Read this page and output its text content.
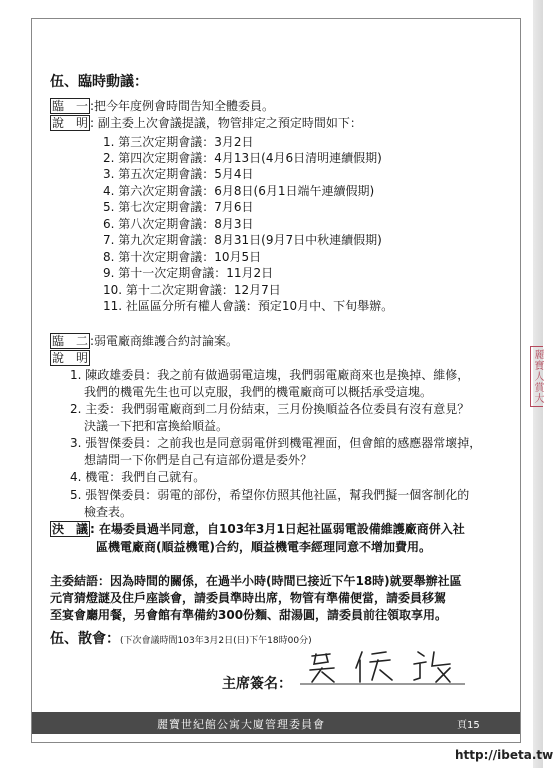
麗寶人賞大
伍、臨時動議：
臨　一 :把今年度例會時間告知全體委員。
說　明 : 副主委上次會議提議，物管排定之預定時間如下：
1. 第三次定期會議：3月2日
2. 第四次定期會議：4月13日(4月6日清明連續假期)
3. 第五次定期會議：5月4日
4. 第六次定期會議：6月8日(6月1日端午連續假期)
5. 第七次定期會議：7月6日
6. 第八次定期會議：8月3日
7. 第九次定期會議：8月31日(9月7日中秋連續假期)
8. 第十次定期會議：10月5日
9. 第十一次定期會議：11月2日
10. 第十二次定期會議：12月7日
11. 社區區分所有權人會議：預定10月中、下旬舉辦。
臨　二 :弱電廠商維護合約討論案。
說　明
1. 陳政雄委員：我之前有做過弱電這塊，我們弱電廠商來也是換掉、維修，
我們的機電先生也可以克服，我們的機電廠商可以概括承受這塊。
2. 主委：我們弱電廠商到二月份結束，三月份換順益各位委員有沒有意見？
決議一下把和富換給順益。
3. 張智傑委員：之前我也是同意弱電併到機電裡面，但會館的感應器常壞掉，
想請問一下你們是自己有這部份還是委外？
4. 機電：我們自己就有。
5. 張智傑委員：弱電的部份，希望你仿照其他社區，幫我們擬一個客制化的
檢查表。
決　議 : 在場委員過半同意，自103年3月1日起社區弱電設備維護廠商併入社
區機電廠商(順益機電)合約，順益機電李經理同意不增加費用。
主委結語：因為時間的關係，在過半小時(時間已接近下午18時)就要舉辦社區
元宵猜燈謎及住戶座談會，請委員準時出席，物管有準備便當，請委員移駕
至宴會廳用餐，另會館有準備約300份麵、甜湯圓，請委員前往領取享用。
伍、散會：(下次會議時間103年3月2日(日)下午18時00分)
主席簽名：
麗寶世紀館公寓大廈管理委員會	頁15
http://ibeta.tw
